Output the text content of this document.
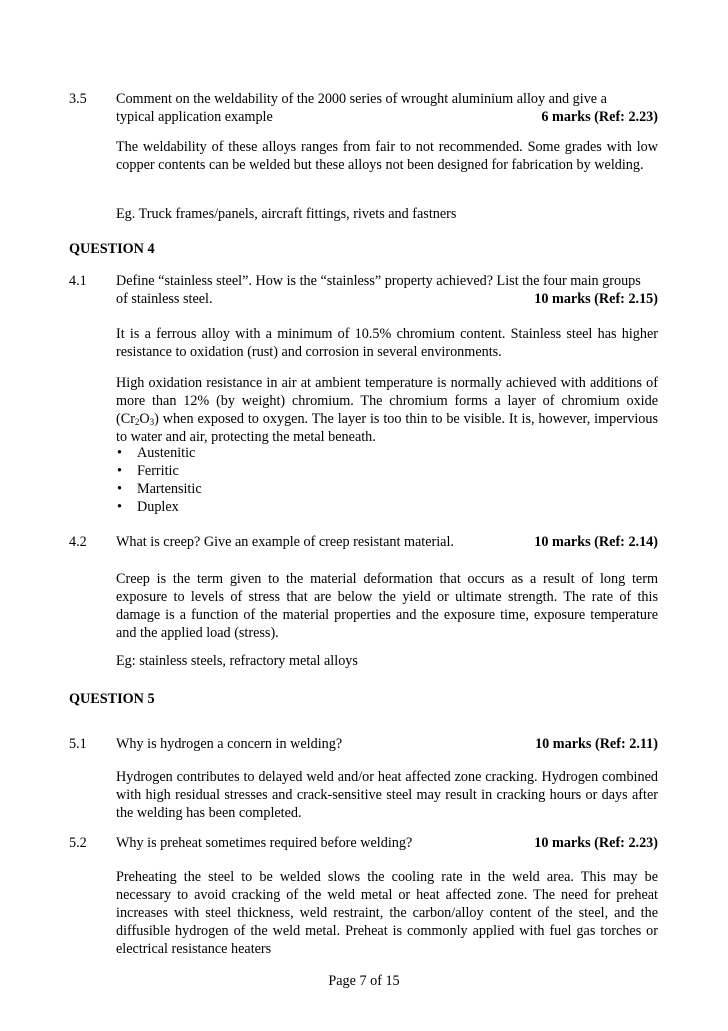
3.5	Comment on the weldability of the 2000 series of wrought aluminium alloy and give a
typical application example	6 marks (Ref: 2.23)
The weldability of these alloys ranges from fair to not recommended. Some grades with low copper contents can be welded but these alloys not been designed for fabrication by welding.
Eg. Truck frames/panels, aircraft fittings, rivets and fastners
QUESTION 4
4.1	Define “stainless steel”. How is the “stainless” property achieved? List the four main groups
of stainless steel.	10 marks (Ref: 2.15)
It is a ferrous alloy with a minimum of 10.5% chromium content. Stainless steel has higher resistance to oxidation (rust) and corrosion in several environments.
High oxidation resistance in air at ambient temperature is normally achieved with additions of more than 12% (by weight) chromium. The chromium forms a layer of chromium oxide $(Cr_2O_3)$ when exposed to oxygen. The layer is too thin to be visible. It is, however, impervious to water and air, protecting the metal beneath.
• Austenitic
• Ferritic
• Martensitic
• Duplex
4.2	What is creep? Give an example of creep resistant material.	10 marks (Ref: 2.14)
Creep is the term given to the material deformation that occurs as a result of long term exposure to levels of stress that are below the yield or ultimate strength. The rate of this damage is a function of the material properties and the exposure time, exposure temperature and the applied load (stress).
Eg: stainless steels, refractory metal alloys
QUESTION 5
5.1	Why is hydrogen a concern in welding?	10 marks (Ref: 2.11)
Hydrogen contributes to delayed weld and/or heat affected zone cracking. Hydrogen combined with high residual stresses and crack-sensitive steel may result in cracking hours or days after the welding has been completed.
5.2	Why is preheat sometimes required before welding?	10 marks (Ref: 2.23)
Preheating the steel to be welded slows the cooling rate in the weld area. This may be necessary to avoid cracking of the weld metal or heat affected zone. The need for preheat increases with steel thickness, weld restraint, the carbon/alloy content of the steel, and the diffusible hydrogen of the weld metal. Preheat is commonly applied with fuel gas torches or electrical resistance heaters
Page 7 of 15
